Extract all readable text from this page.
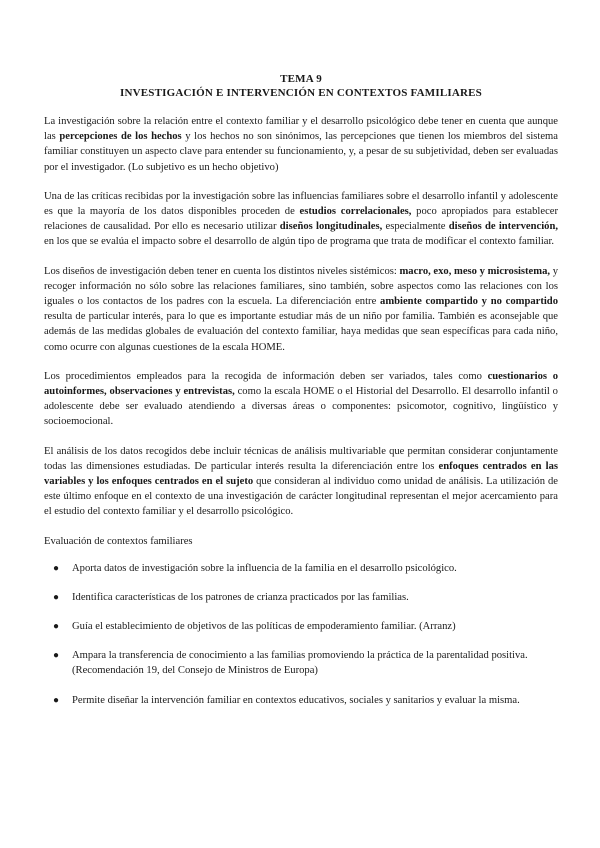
TEMA 9
INVESTIGACIÓN E INTERVENCIÓN EN CONTEXTOS FAMILIARES

La investigación sobre la relación entre el contexto familiar y el desarrollo psicológico debe tener en cuenta que aunque las percepciones de los hechos y los hechos no son sinónimos, las percepciones que tienen los miembros del sistema familiar constituyen un aspecto clave para entender su funcionamiento, y, a pesar de su subjetividad, deben ser evaluadas por el investigador. (Lo subjetivo es un hecho objetivo)

Una de las críticas recibidas por la investigación sobre las influencias familiares sobre el desarrollo infantil y adolescente es que la mayoría de los datos disponibles proceden de estudios correlacionales, poco apropiados para establecer relaciones de causalidad. Por ello es necesario utilizar diseños longitudinales, especialmente diseños de intervención, en los que se evalúa el impacto sobre el desarrollo de algún tipo de programa que trata de modificar el contexto familiar.

Los diseños de investigación deben tener en cuenta los distintos niveles sistémicos: macro, exo, meso y microsistema, y recoger información no sólo sobre las relaciones familiares, sino también, sobre aspectos como las relaciones con los iguales o los contactos de los padres con la escuela. La diferenciación entre ambiente compartido y no compartido resulta de particular interés, para lo que es importante estudiar más de un niño por familia. También es aconsejable que además de las medidas globales de evaluación del contexto familiar, haya medidas que sean específicas para cada niño, como ocurre con algunas cuestiones de la escala HOME.

Los procedimientos empleados para la recogida de información deben ser variados, tales como cuestionarios o autoinformes, observaciones y entrevistas, como la escala HOME o el Historial del Desarrollo. El desarrollo infantil o adolescente debe ser evaluado atendiendo a diversas áreas o componentes: psicomotor, cognitivo, lingüístico y socioemocional.

El análisis de los datos recogidos debe incluir técnicas de análisis multivariable que permitan considerar conjuntamente todas las dimensiones estudiadas. De particular interés resulta la diferenciación entre los enfoques centrados en las variables y los enfoques centrados en el sujeto que consideran al individuo como unidad de análisis. La utilización de este último enfoque en el contexto de una investigación de carácter longitudinal representan el mejor acercamiento para el estudio del contexto familiar y el desarrollo psicológico.

Evaluación de contextos familiares
● Aporta datos de investigación sobre la influencia de la familia en el desarrollo psicológico.
● Identifica características de los patrones de crianza practicados por las familias.
● Guía el establecimiento de objetivos de las políticas de empoderamiento familiar. (Arranz)
● Ampara la transferencia de conocimiento a las familias promoviendo la práctica de la parentalidad positiva. (Recomendación 19, del Consejo de Ministros de Europa)
● Permite diseñar la intervención familiar en contextos educativos, sociales y sanitarios y evaluar la misma.
